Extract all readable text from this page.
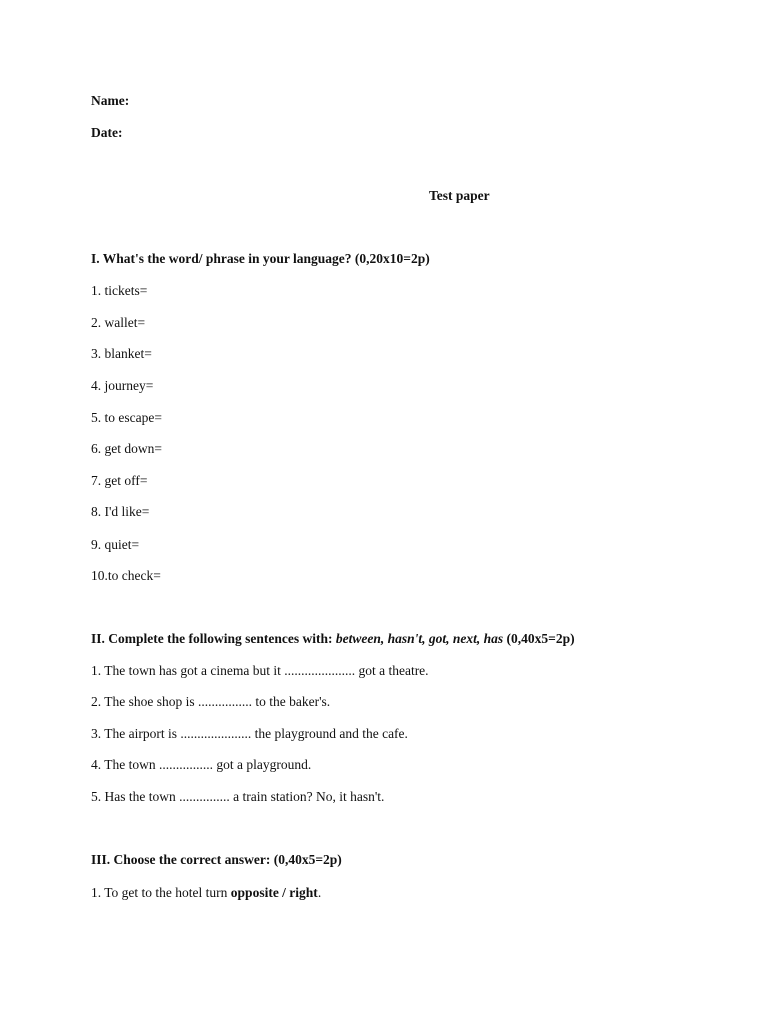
Name:
Date:
Test paper
I. What's the word/ phrase in your language? (0,20x10=2p)
1. tickets=
2. wallet=
3. blanket=
4. journey=
5. to escape=
6. get down=
7. get off=
8. I'd like=
9. quiet=
10.to check=
II. Complete the following sentences with: between, hasn't, got, next, has (0,40x5=2p)
1. The town has got a cinema but it ..................... got a theatre.
2. The shoe shop is ................ to the baker's.
3. The airport is ..................... the playground and the cafe.
4. The town ................ got a playground.
5. Has the town ............... a train station? No, it hasn't.
III. Choose the correct answer: (0,40x5=2p)
1. To get to the hotel turn opposite / right.
